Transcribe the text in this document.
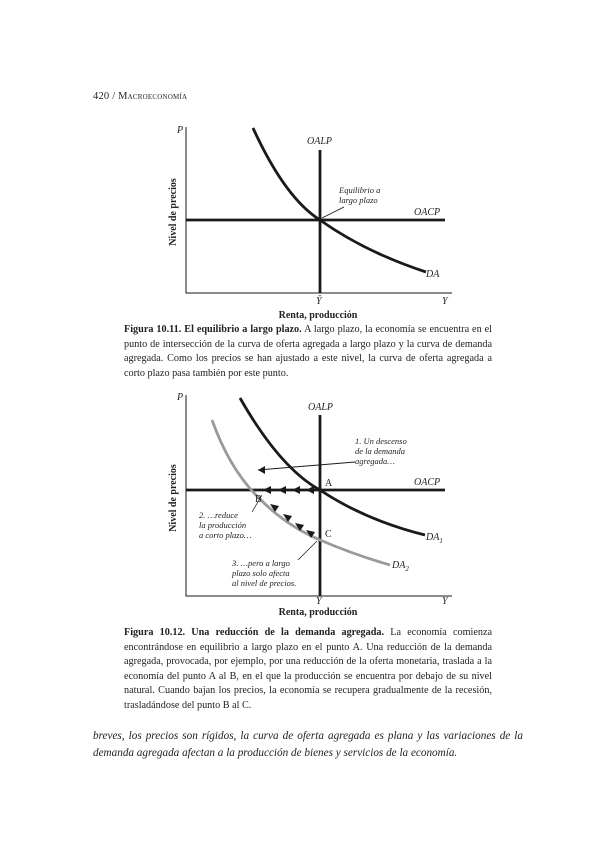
420 / Macroeconomía
P
Y
OALP
OACP
DA
Ȳ
Equilibrio a
largo plazo
Renta, producción
Nivel de precios
Figura 10.11. El equilibrio a largo plazo. A largo plazo, la economía se encuentra en el punto de intersección de la curva de oferta agregada a largo plazo y la curva de demanda agregada. Como los precios se han ajustado a este nivel, la curva de oferta agregada a corto plazo pasa también por este punto.
P
Y
OALP
OACP
$DA_1$
$DA_2$
Ȳ
A
B
C
1. Un descenso
de la demanda
agregada…
2. …reduce
la producción
a corto plazo…
3. …pero a largo
plazo solo afecta
al nivel de precios.
Renta, producción
Nivel de precios
Figura 10.12. Una reducción de la demanda agregada. La economía comienza encontrándose en equilibrio a largo plazo en el punto A. Una reducción de la demanda agregada, provocada, por ejemplo, por una reducción de la oferta monetaria, traslada a la economía del punto A al B, en el que la producción se encuentra por debajo de su nivel natural. Cuando bajan los precios, la economía se recupera gradualmente de la recesión, trasladándose del punto B al C.
breves, los precios son rígidos, la curva de oferta agregada es plana y las variaciones de la demanda agregada afectan a la producción de bienes y servicios de la economía.
